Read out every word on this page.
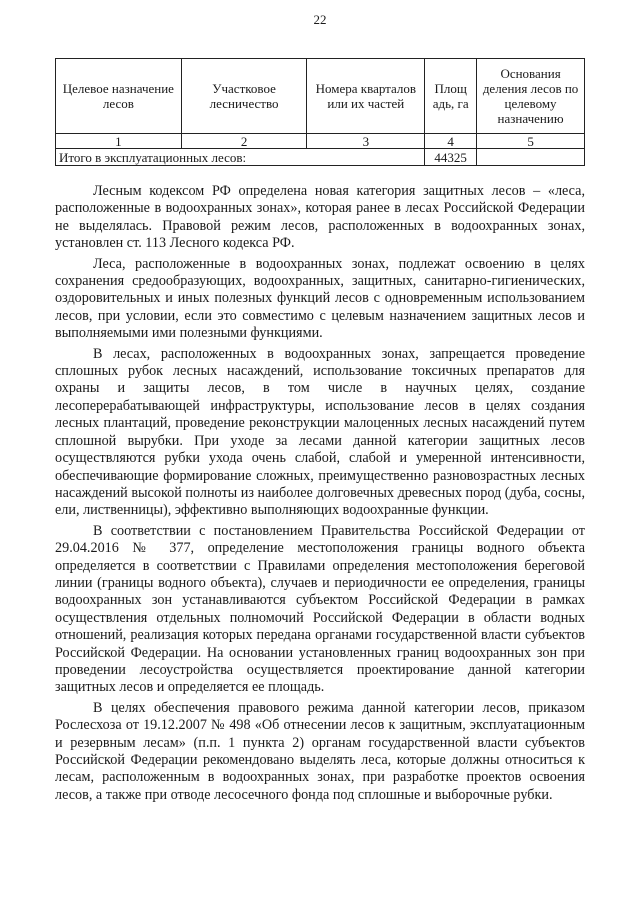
22
Целевое назначение лесов	Участковое лесничество	Номера кварталов или их частей	Площ адь, га	Основания деления лесов по целевому назначению
1	2	3	4	5
Итого в эксплуатационных лесов:			44325	

Лесным кодексом РФ определена новая категория защитных лесов – «леса, расположенные в водоохранных зонах», которая ранее в лесах Российской Федерации не выделялась. Правовой режим лесов, расположенных в водоохранных зонах, установлен ст. 113 Лесного кодекса РФ.

Леса, расположенные в водоохранных зонах, подлежат освоению в целях сохранения средообразующих, водоохранных, защитных, санитарно-гигиенических, оздоровительных и иных полезных функций лесов с одновременным использованием лесов, при условии, если это совместимо с целевым назначением защитных лесов и выполняемыми ими полезными функциями.

В лесах, расположенных в водоохранных зонах, запрещается проведение сплошных рубок лесных насаждений, использование токсичных препаратов для охраны и защиты лесов, в том числе в научных целях, создание лесоперерабатывающей инфраструктуры, использование лесов в целях создания лесных плантаций, проведение реконструкции малоценных лесных насаждений путем сплошной вырубки. При уходе за лесами данной категории защитных лесов осуществляются рубки ухода очень слабой, слабой и умеренной интенсивности, обеспечивающие формирование сложных, преимущественно разновозрастных лесных насаждений высокой полноты из наиболее долговечных древесных пород (дуба, сосны, ели, лиственницы), эффективно выполняющих водоохранные функции.

В соответствии с постановлением Правительства Российской Федерации от 29.04.2016 № 377, определение местоположения границы водного объекта определяется в соответствии с Правилами определения местоположения береговой линии (границы водного объекта), случаев и периодичности ее определения, границы водоохранных зон устанавливаются субъектом Российской Федерации в рамках осуществления отдельных полномочий Российской Федерации в области водных отношений, реализация которых передана органами государственной власти субъектов Российской Федерации. На основании установленных границ водоохранных зон при проведении лесоустройства осуществляется проектирование данной категории защитных лесов и определяется ее площадь.

В целях обеспечения правового режима данной категории лесов, приказом Рослесхоза от 19.12.2007 № 498 «Об отнесении лесов к защитным, эксплуатационным и резервным лесам» (п.п. 1 пункта 2) органам государственной власти субъектов Российской Федерации рекомендовано выделять леса, которые должны относиться к лесам, расположенным в водоохранных зонах, при разработке проектов освоения лесов, а также при отводе лесосечного фонда под сплошные и выборочные рубки.
